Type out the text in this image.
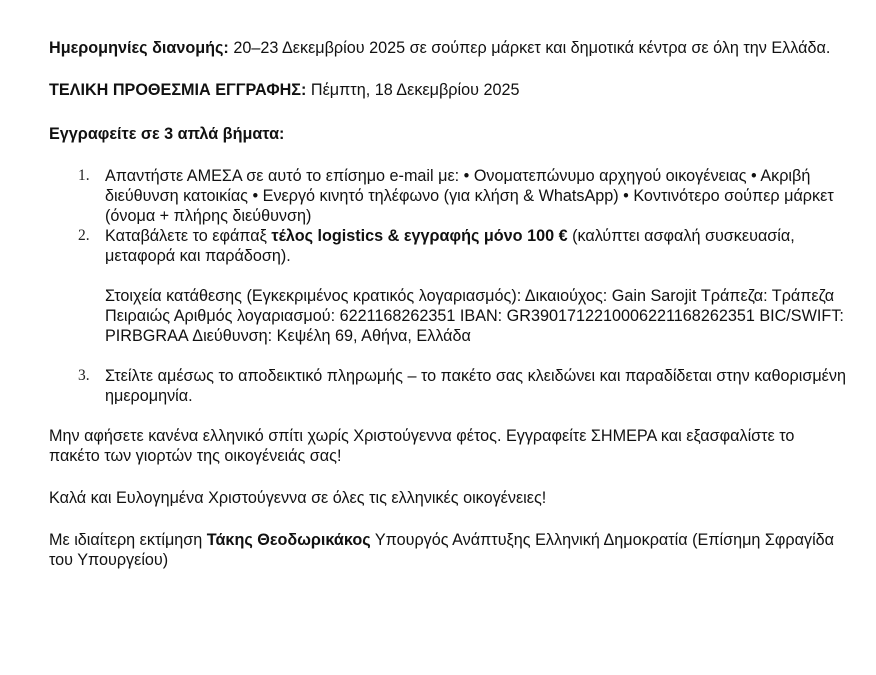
Ημερομηνίες διανομής: 20–23 Δεκεμβρίου 2025 σε σούπερ μάρκετ και δημοτικά κέντρα σε όλη την Ελλάδα.

ΤΕΛΙΚΗ ΠΡΟΘΕΣΜΙΑ ΕΓΓΡΑΦΗΣ: Πέμπτη, 18 Δεκεμβρίου 2025

Εγγραφείτε σε 3 απλά βήματα:

1. Απαντήστε ΑΜΕΣΑ σε αυτό το επίσημο e-mail με: • Ονοματεπώνυμο αρχηγού οικογένειας • Ακριβή διεύθυνση κατοικίας • Ενεργό κινητό τηλέφωνο (για κλήση & WhatsApp) • Κοντινότερο σούπερ μάρκετ (όνομα + πλήρης διεύθυνση)
2. Καταβάλετε το εφάπαξ τέλος logistics & εγγραφής μόνο 100 € (καλύπτει ασφαλή συσκευασία, μεταφορά και παράδοση).
Στοιχεία κατάθεσης (Εγκεκριμένος κρατικός λογαριασμός): Δικαιούχος: Gain Sarojit Τράπεζα: Τράπεζα Πειραιώς Αριθμός λογαριασμού: 6221168262351 IBAN: GR3901712210006221168262351 BIC/SWIFT: PIRBGRAA Διεύθυνση: Κεψέλη 69, Αθήνα, Ελλάδα
3. Στείλτε αμέσως το αποδεικτικό πληρωμής – το πακέτο σας κλειδώνει και παραδίδεται στην καθορισμένη ημερομηνία.

Μην αφήσετε κανένα ελληνικό σπίτι χωρίς Χριστούγεννα φέτος. Εγγραφείτε ΣΗΜΕΡΑ και εξασφαλίστε το πακέτο των γιορτών της οικογένειάς σας!

Καλά και Ευλογημένα Χριστούγεννα σε όλες τις ελληνικές οικογένειες!

Με ιδιαίτερη εκτίμηση Τάκης Θεοδωρικάκος Υπουργός Ανάπτυξης Ελληνική Δημοκρατία (Επίσημη Σφραγίδα του Υπουργείου)
